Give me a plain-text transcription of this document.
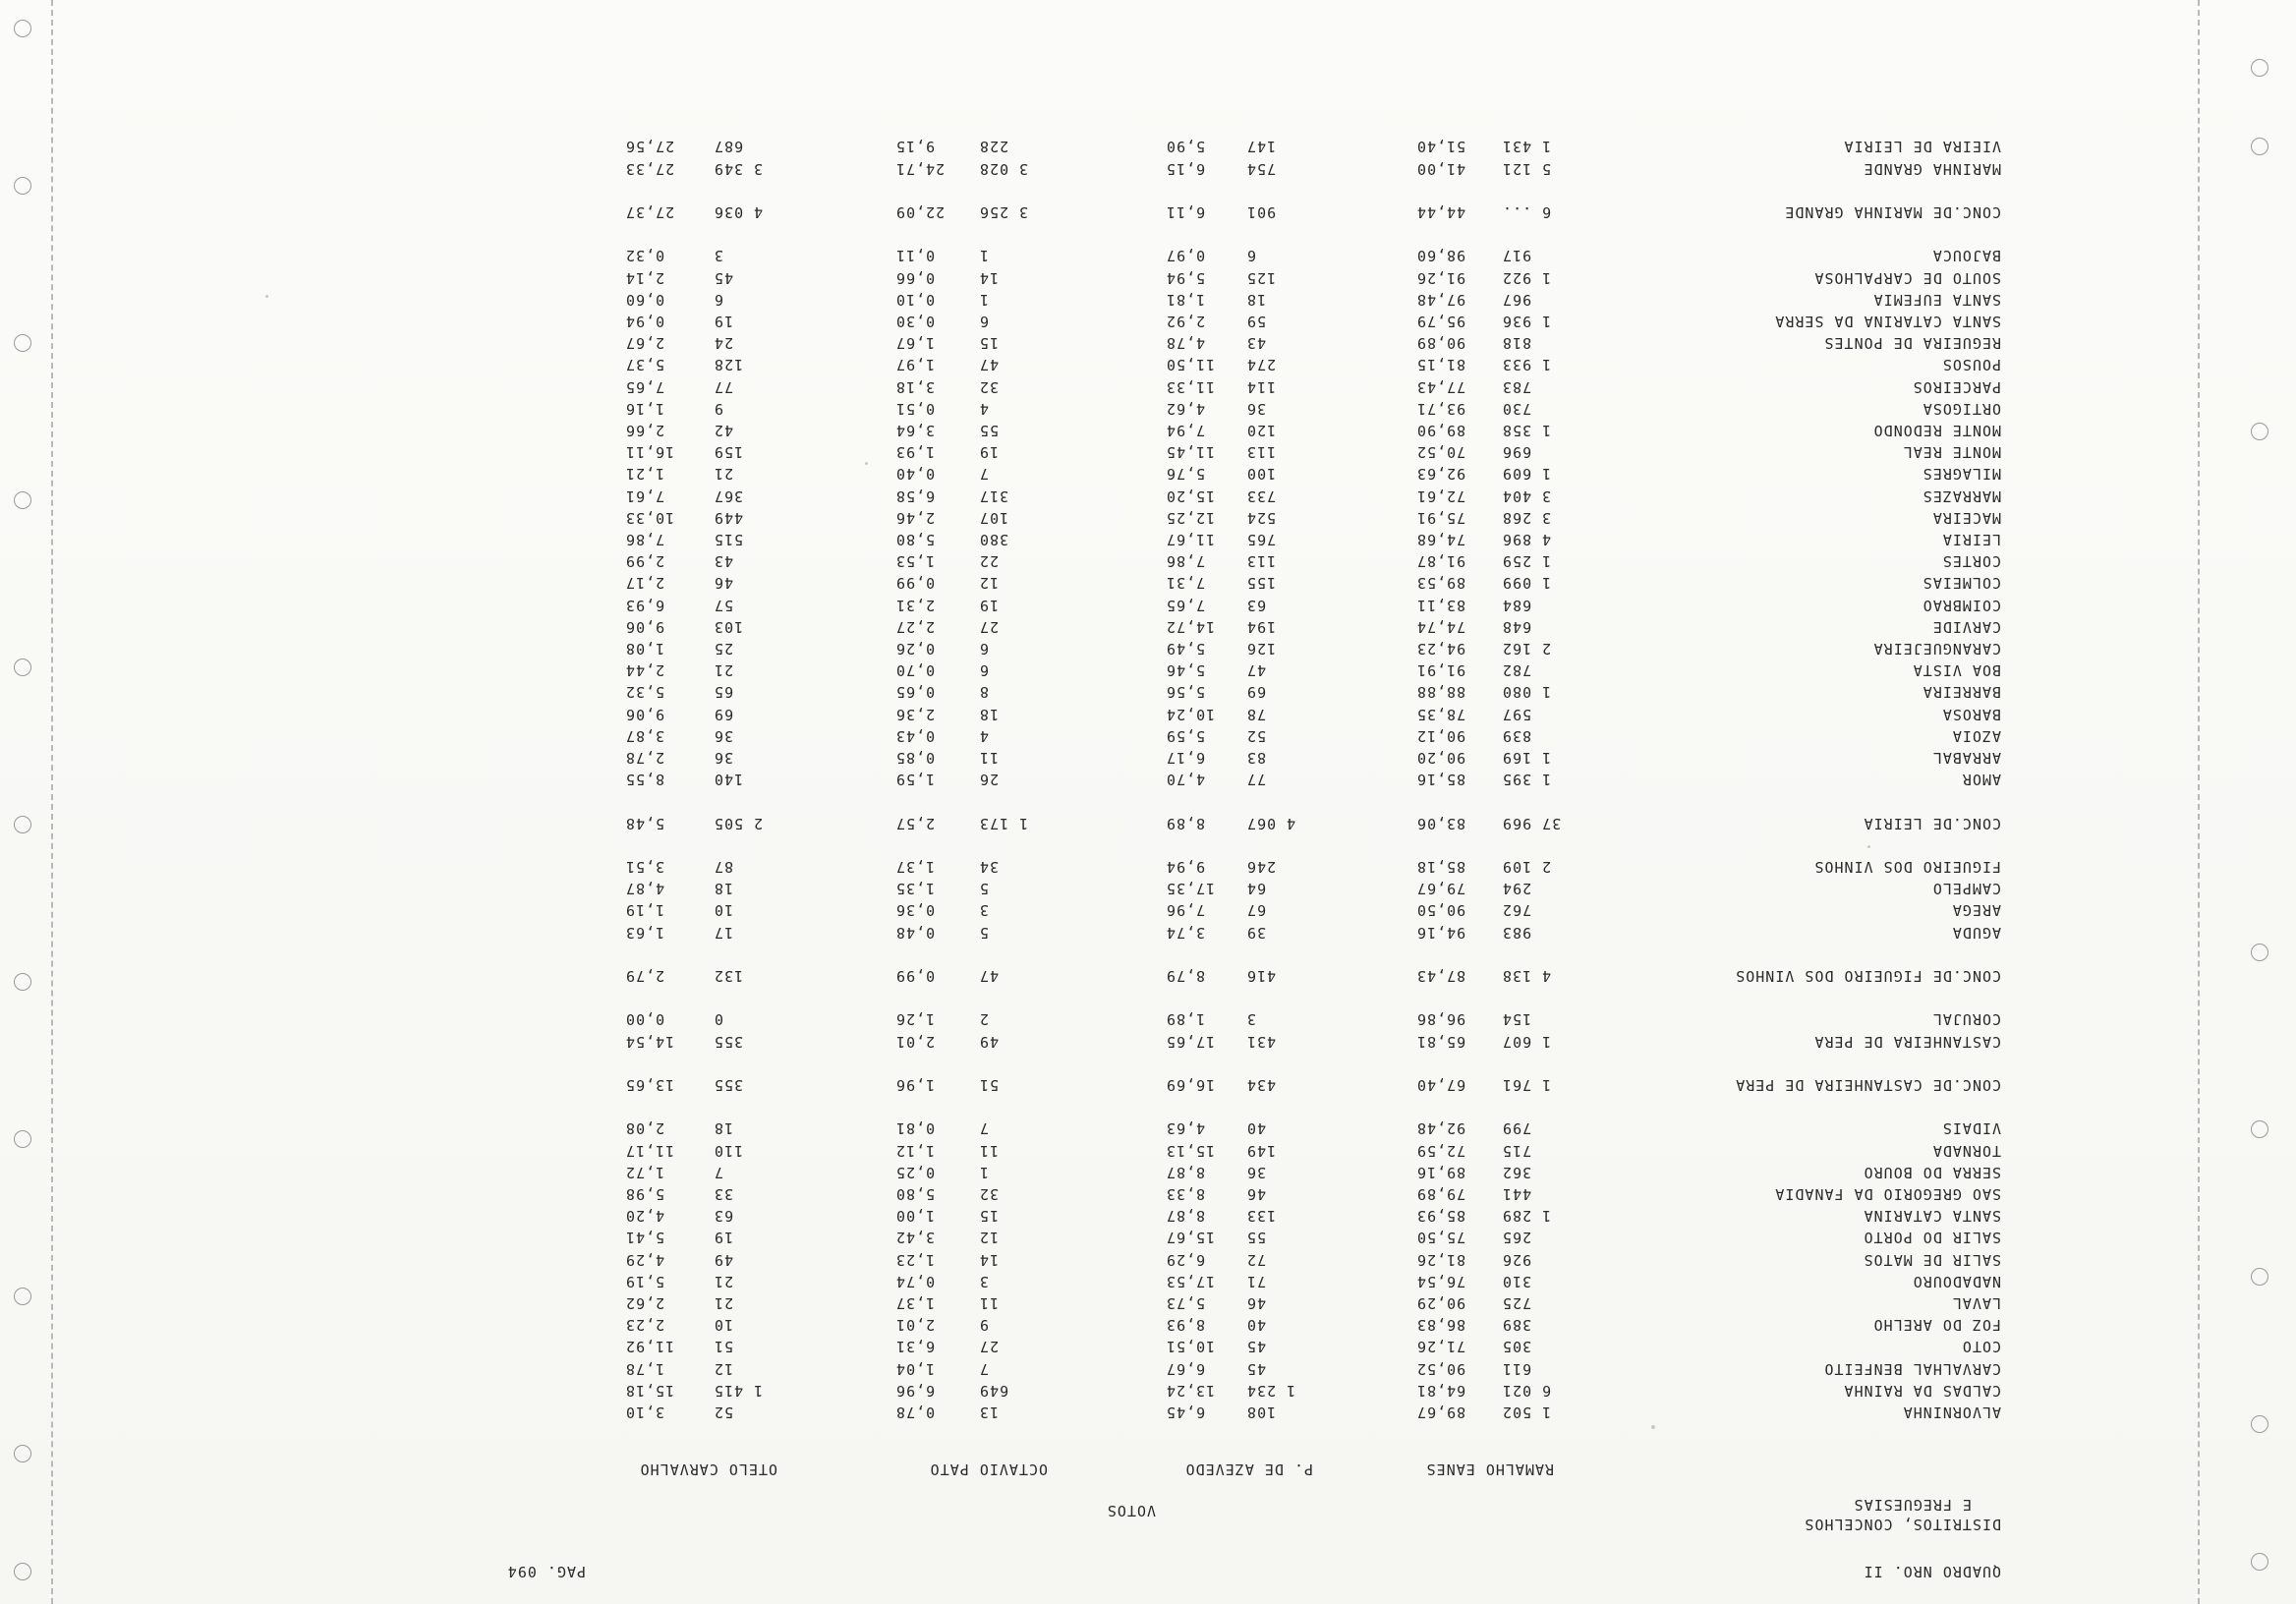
QUADRO NRO. II
PAG. 094
DISTRITOS, CONCELHOS
E FREGUESIAS
VOTOS
RAMALHO EANES
P. DE AZEVEDO
OCTAVIO PATO
OTELO CARVALHO
ALVORNINHA
1 502
89,67
108
6,45
13
0,78
52
3,10
CALDAS DA RAINHA
6 021
64,81
1 234
13,24
649
6,96
1 415
15,18
CARVALHAL BENFEITO
611
90,52
45
6,67
7
1,04
12
1,78
COTO
305
71,26
45
10,51
27
6,31
51
11,92
FOZ DO ARELHO
389
86,83
40
8,93
9
2,01
10
2,23
LAVAL
725
90,29
46
5,73
11
1,37
21
2,62
NADADOURO
310
76,54
71
17,53
3
0,74
21
5,19
SALIR DE MATOS
926
81,26
72
6,29
14
1,23
49
4,29
SALIR DO PORTO
265
75,50
55
15,67
12
3,42
19
5,41
SANTA CATARINA
1 289
85,93
133
8,87
15
1,00
63
4,20
SAO GREGORIO DA FANADIA
441
79,89
46
8,33
32
5,80
33
5,98
SERRA DO BOURO
362
89,16
36
8,87
1
0,25
7
1,72
TORNADA
715
72,59
149
15,13
11
1,12
110
11,17
VIDAIS
799
92,48
40
4,63
7
0,81
18
2,08
CONC.DE CASTANHEIRA DE PERA
1 761
67,40
434
16,69
51
1,96
355
13,65
CASTANHEIRA DE PERA
1 607
65,81
431
17,65
49
2,01
355
14,54
CORUJAL
154
96,86
3
1,89
2
1,26
0
0,00
CONC.DE FIGUEIRO DOS VINHOS
4 138
87,43
416
8,79
47
0,99
132
2,79
AGUDA
983
94,16
39
3,74
5
0,48
17
1,63
AREGA
762
90,50
67
7,96
3
0,36
10
1,19
CAMPELO
294
79,67
64
17,35
5
1,35
18
4,87
FIGUEIRO DOS VINHOS
2 109
85,18
246
9,94
34
1,37
87
3,51
CONC.DE LEIRIA
37 969
83,06
4 067
8,89
1 173
2,57
2 505
5,48
AMOR
1 395
85,16
77
4,70
26
1,59
140
8,55
ARRABAL
1 169
90,20
83
6,17
11
0,85
36
2,78
AZOIA
839
90,12
52
5,59
4
0,43
36
3,87
BAROSA
597
78,35
78
10,24
18
2,36
69
9,06
BARREIRA
1 080
88,88
69
5,56
8
0,65
65
5,32
BOA VISTA
782
91,91
47
5,46
6
0,70
21
2,44
CARANGUEJEIRA
2 162
94,23
126
5,49
6
0,26
25
1,08
CARVIDE
648
74,74
194
14,72
27
2,27
103
9,06
COIMBRAO
684
83,11
63
7,65
19
2,31
57
6,93
COLMEIAS
1 099
89,53
155
7,31
12
0,99
46
2,17
CORTES
1 259
91,87
113
7,86
22
1,53
43
2,99
LEIRIA
4 896
74,68
765
11,67
380
5,80
515
7,86
MACEIRA
3 268
75,91
524
12,25
107
2,46
449
10,33
MARRAZES
3 404
72,61
733
15,20
317
6,58
367
7,61
MILAGRES
1 609
92,63
100
5,76
7
0,40
21
1,21
MONTE REAL
696
70,52
113
11,45
19
1,93
159
16,11
MONTE REDONDO
1 358
89,90
120
7,94
55
3,64
42
2,66
ORTIGOSA
730
93,71
36
4,62
4
0,51
9
1,16
PARCEIROS
783
77,43
114
11,33
32
3,18
77
7,65
POUSOS
1 933
81,15
274
11,50
47
1,97
128
5,37
REGUEIRA DE PONTES
818
90,89
43
4,78
15
1,67
24
2,67
SANTA CATARINA DA SERRA
1 936
95,79
59
2,92
6
0,30
19
0,94
SANTA EUFEMIA
967
97,48
18
1,81
1
0,10
6
0,60
SOUTO DE CARPALHOSA
1 922
91,26
125
5,94
14
0,66
45
2,14
BAJOUCA
917
98,60
6
0,97
1
0,11
3
0,32
CONC.DE MARINHA GRANDE
6 ...
44,44
901
6,11
3 256
22,09
4 036
27,37
MARINHA GRANDE
5 121
41,00
754
6,15
3 028
24,71
3 349
27,33
VIEIRA DE LEIRIA
1 431
51,40
147
5,90
228
9,15
687
27,56
